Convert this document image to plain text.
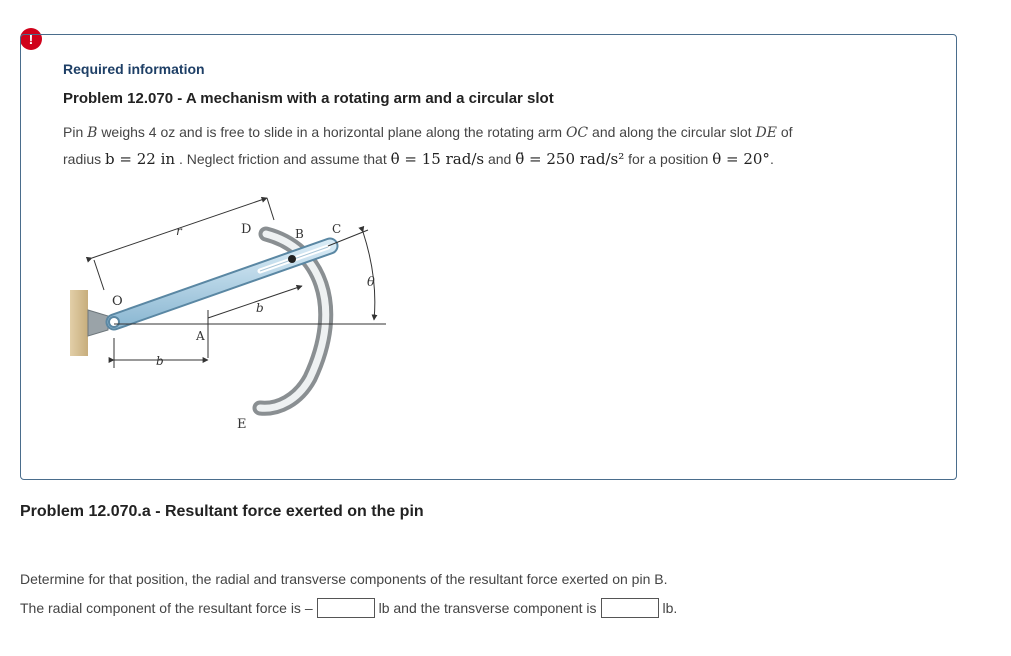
!
Required information
Problem 12.070 - A mechanism with a rotating arm and a circular slot
Pin B weighs 4 oz and is free to slide in a horizontal plane along the rotating arm OC and along the circular slot DE of
radius b = 22 in . Neglect friction and assume that θ̇ = 15 rad/s and θ̈ = 250 rad/s² for a position θ = 20°.
r	D	B C
O
θ
A
b
b
E
Problem 12.070.a - Resultant force exerted on the pin
Determine for that position, the radial and transverse components of the resultant force exerted on pin B.
The radial component of the resultant force is –	lb and the transverse component is	lb.
